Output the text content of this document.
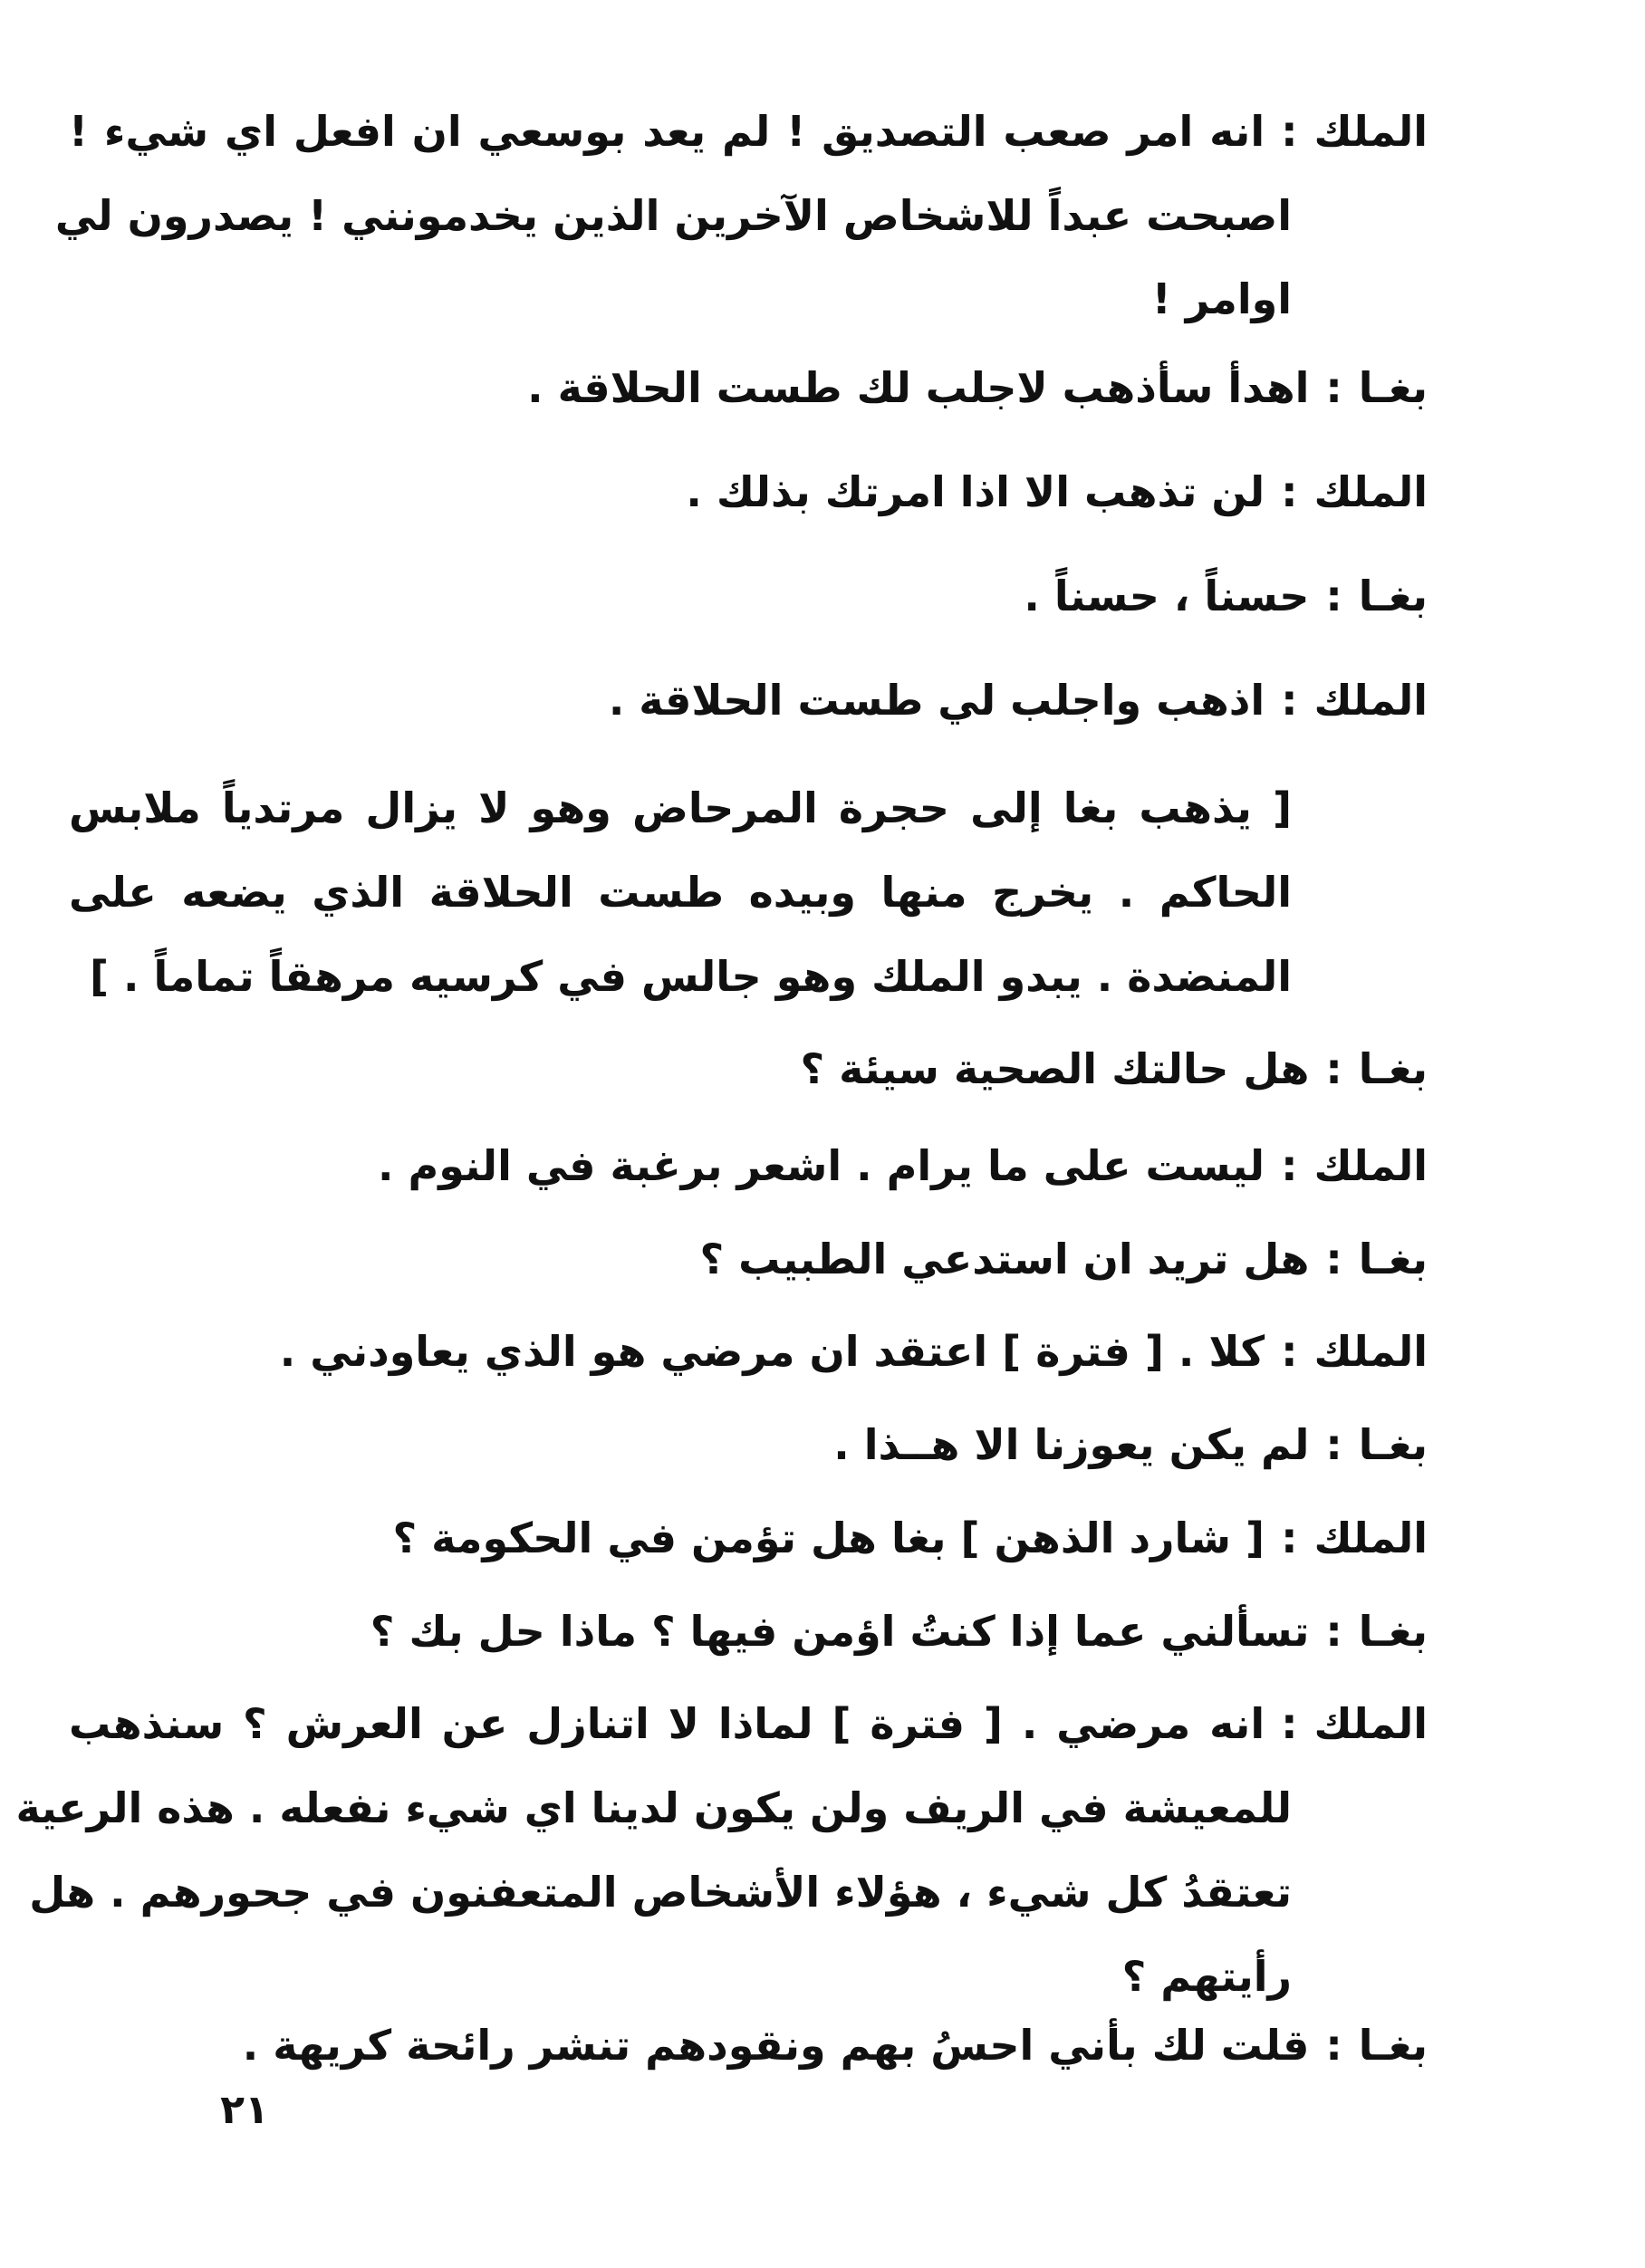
الملك:انه امر صعب التصديق ! لم يعد بوسعي ان افعل اي شيء !
اصبحت عبداً للاشخاص الآخرين الذين يخدمونني ! يصدرون لي
اوامر !
بغـا:اهدأ سأذهب لاجلب لك طست الحلاقة .
الملك:لن تذهب الا اذا امرتك بذلك .
بغـا:حسناً ، حسناً .
الملك:اذهب واجلب لي طست الحلاقة .
[ يذهب بغا إلى حجرة المرحاض وهو لا يزال مرتدياً ملابس
الحاكم . يخرج منها وبيده طست الحلاقة الذي يضعه على
المنضدة . يبدو الملك وهو جالس في كرسيه مرهقاً تماماً . ]
بغـا:هل حالتك الصحية سيئة ؟
الملك:ليست على ما يرام . اشعر برغبة في النوم .
بغـا:هل تريد ان استدعي الطبيب ؟
الملك:كلا . [ فترة ] اعتقد ان مرضي هو الذي يعاودني .
بغـا:لم يكن يعوزنا الا هــذا .
الملك:[ شارد الذهن ] بغا هل تؤمن في الحكومة ؟
بغـا:تسألني عما إذا كنتُ اؤمن فيها ؟ ماذا حل بك ؟
الملك:انه مرضي . [ فترة ] لماذا لا اتنازل عن العرش ؟ سنذهب
للمعيشة في الريف ولن يكون لدينا اي شيء نفعله . هذه الرعية
تعتقدُ كل شيء ، هؤلاء الأشخاص المتعفنون في جحورهم . هل
رأيتهم ؟
بغـا:قلت لك بأني احسُ بهم ونقودهم تنشر رائحة كريهة .
٢١
